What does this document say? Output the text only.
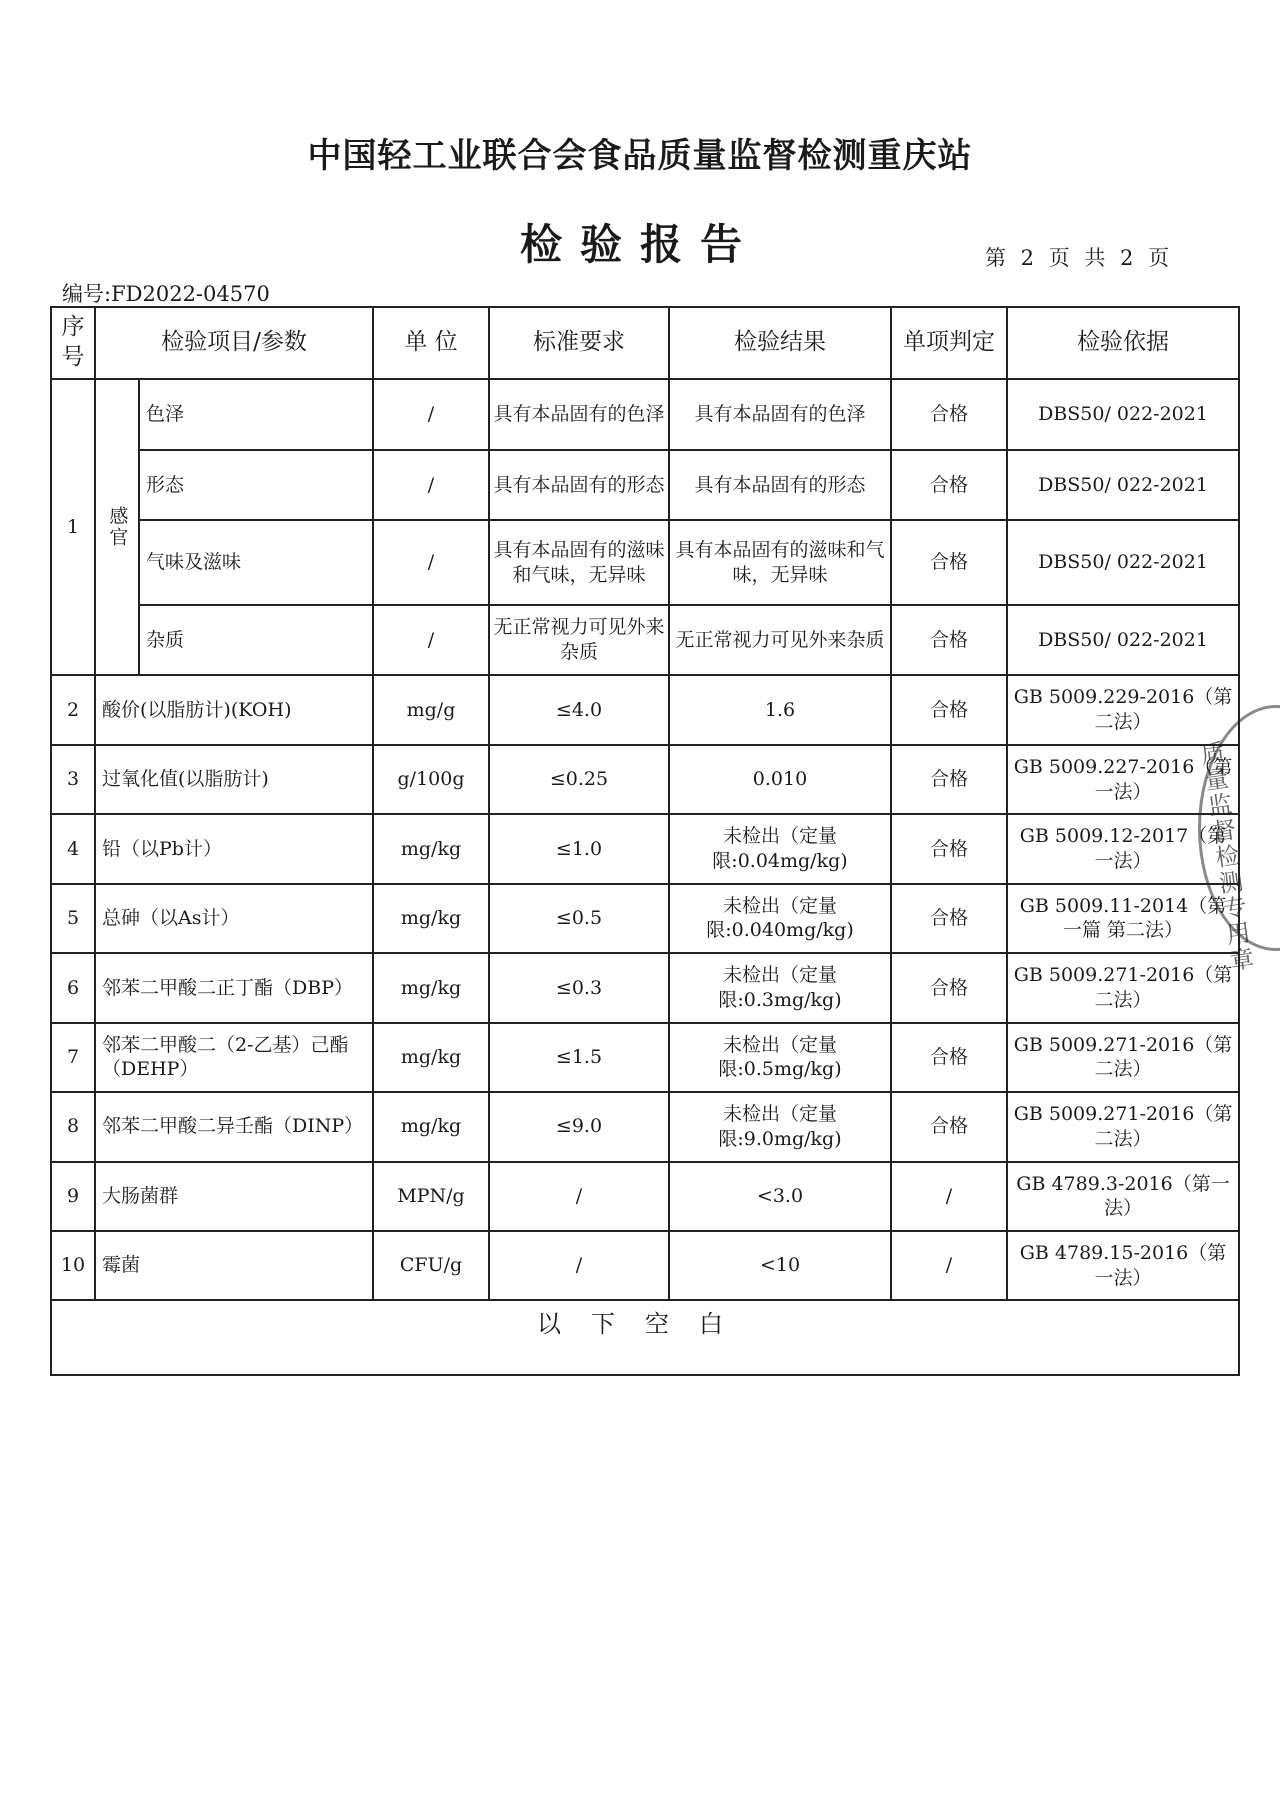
中国轻工业联合会食品质量监督检测重庆站
检验报告	第 2 页 共 2 页
编号:FD2022-04570
序号	检验项目/参数		单 位	标准要求	检验结果	单项判定	检验依据
1	感官	色泽	/	具有本品固有的色泽	具有本品固有的色泽	合格	DBS50/ 022-2021
		形态	/	具有本品固有的形态	具有本品固有的形态	合格	DBS50/ 022-2021
		气味及滋味	/	具有本品固有的滋味和气味，无异味	具有本品固有的滋味和气味，无异味	合格	DBS50/ 022-2021
		杂质	/	无正常视力可见外来杂质	无正常视力可见外来杂质	合格	DBS50/ 022-2021
2	酸价(以脂肪计)(KOH)		mg/g	≤4.0	1.6	合格	GB 5009.229-2016（第二法）
3	过氧化值(以脂肪计)		g/100g	≤0.25	0.010	合格	GB 5009.227-2016（第一法）
4	铅（以Pb计）		mg/kg	≤1.0	未检出（定量限:0.04mg/kg)	合格	GB 5009.12-2017（第一法）
5	总砷（以As计）		mg/kg	≤0.5	未检出（定量限:0.040mg/kg)	合格	GB 5009.11-2014（第一篇 第二法）
6	邻苯二甲酸二正丁酯（DBP）		mg/kg	≤0.3	未检出（定量限:0.3mg/kg)	合格	GB 5009.271-2016（第二法）
7	邻苯二甲酸二（2-乙基）己酯（DEHP）		mg/kg	≤1.5	未检出（定量限:0.5mg/kg)	合格	GB 5009.271-2016（第二法）
8	邻苯二甲酸二异壬酯（DINP）		mg/kg	≤9.0	未检出（定量限:9.0mg/kg)	合格	GB 5009.271-2016（第二法）
9	大肠菌群		MPN/g	/	<3.0	/	GB 4789.3-2016（第一法）
10	霉菌		CFU/g	/	<10	/	GB 4789.15-2016（第一法）

以下空白							
质量监督检测专用章
